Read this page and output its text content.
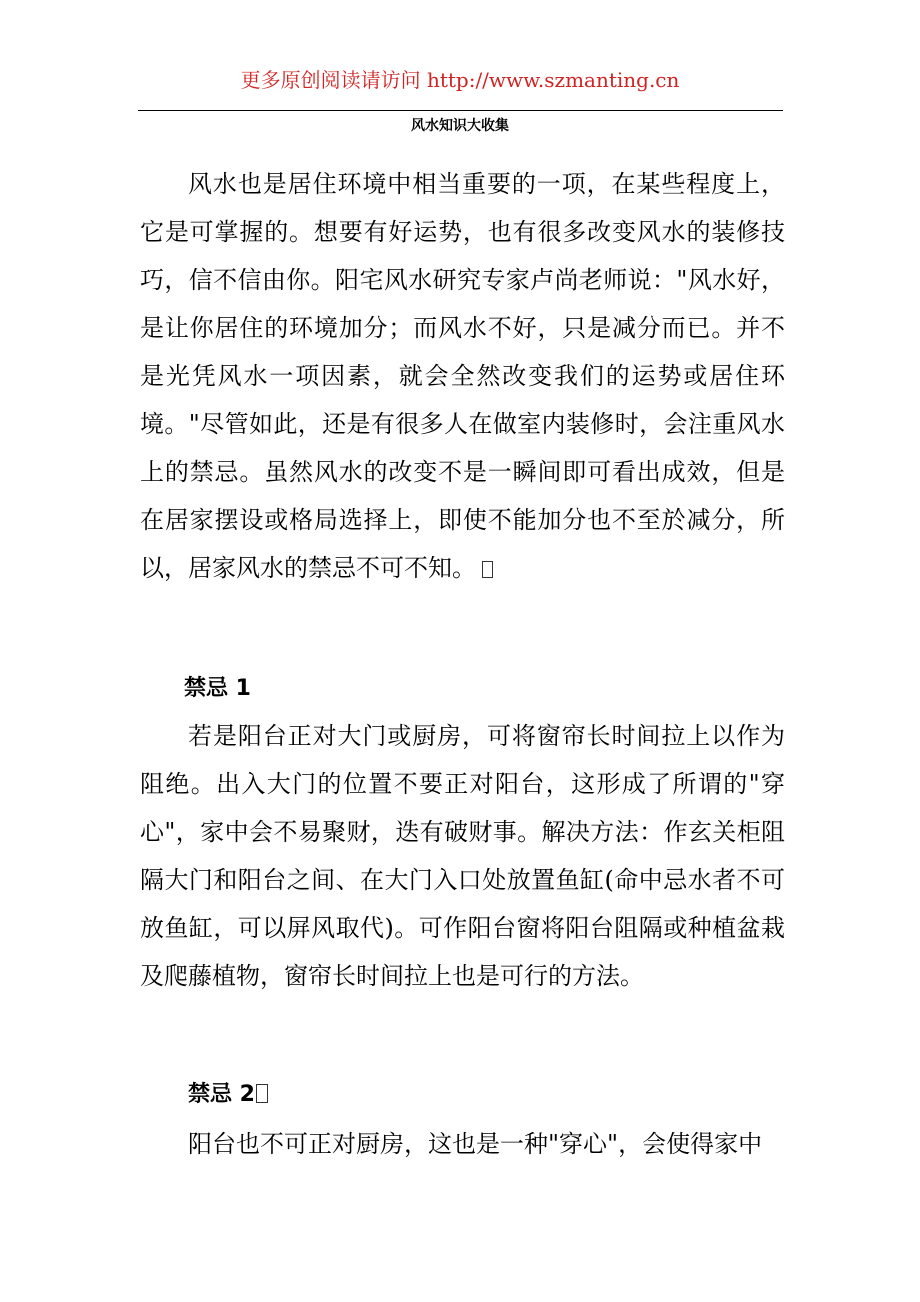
更多原创阅读请访问 http://www.szmanting.cn
风水知识大收集

风水也是居住环境中相当重要的一项，在某些程度上，它是可掌握的。想要有好运势，也有很多改变风水的装修技巧，信不信由你。阳宅风水研究专家卢尚老师说："风水好，是让你居住的环境加分；而风水不好，只是减分而已。并不是光凭风水一项因素，就会全然改变我们的运势或居住环境。"尽管如此，还是有很多人在做室内装修时，会注重风水上的禁忌。虽然风水的改变不是一瞬间即可看出成效，但是在居家摆设或格局选择上，即使不能加分也不至於减分，所以，居家风水的禁忌不可不知。

禁忌 1

若是阳台正对大门或厨房，可将窗帘长时间拉上以作为阻绝。出入大门的位置不要正对阳台，这形成了所谓的"穿心"，家中会不易聚财，迭有破财事。解决方法：作玄关柜阻隔大门和阳台之间、在大门入口处放置鱼缸(命中忌水者不可放鱼缸，可以屏风取代)。可作阳台窗将阳台阻隔或种植盆栽及爬藤植物，窗帘长时间拉上也是可行的方法。

禁忌 2

阳台也不可正对厨房，这也是一种"穿心"，会使得家中
